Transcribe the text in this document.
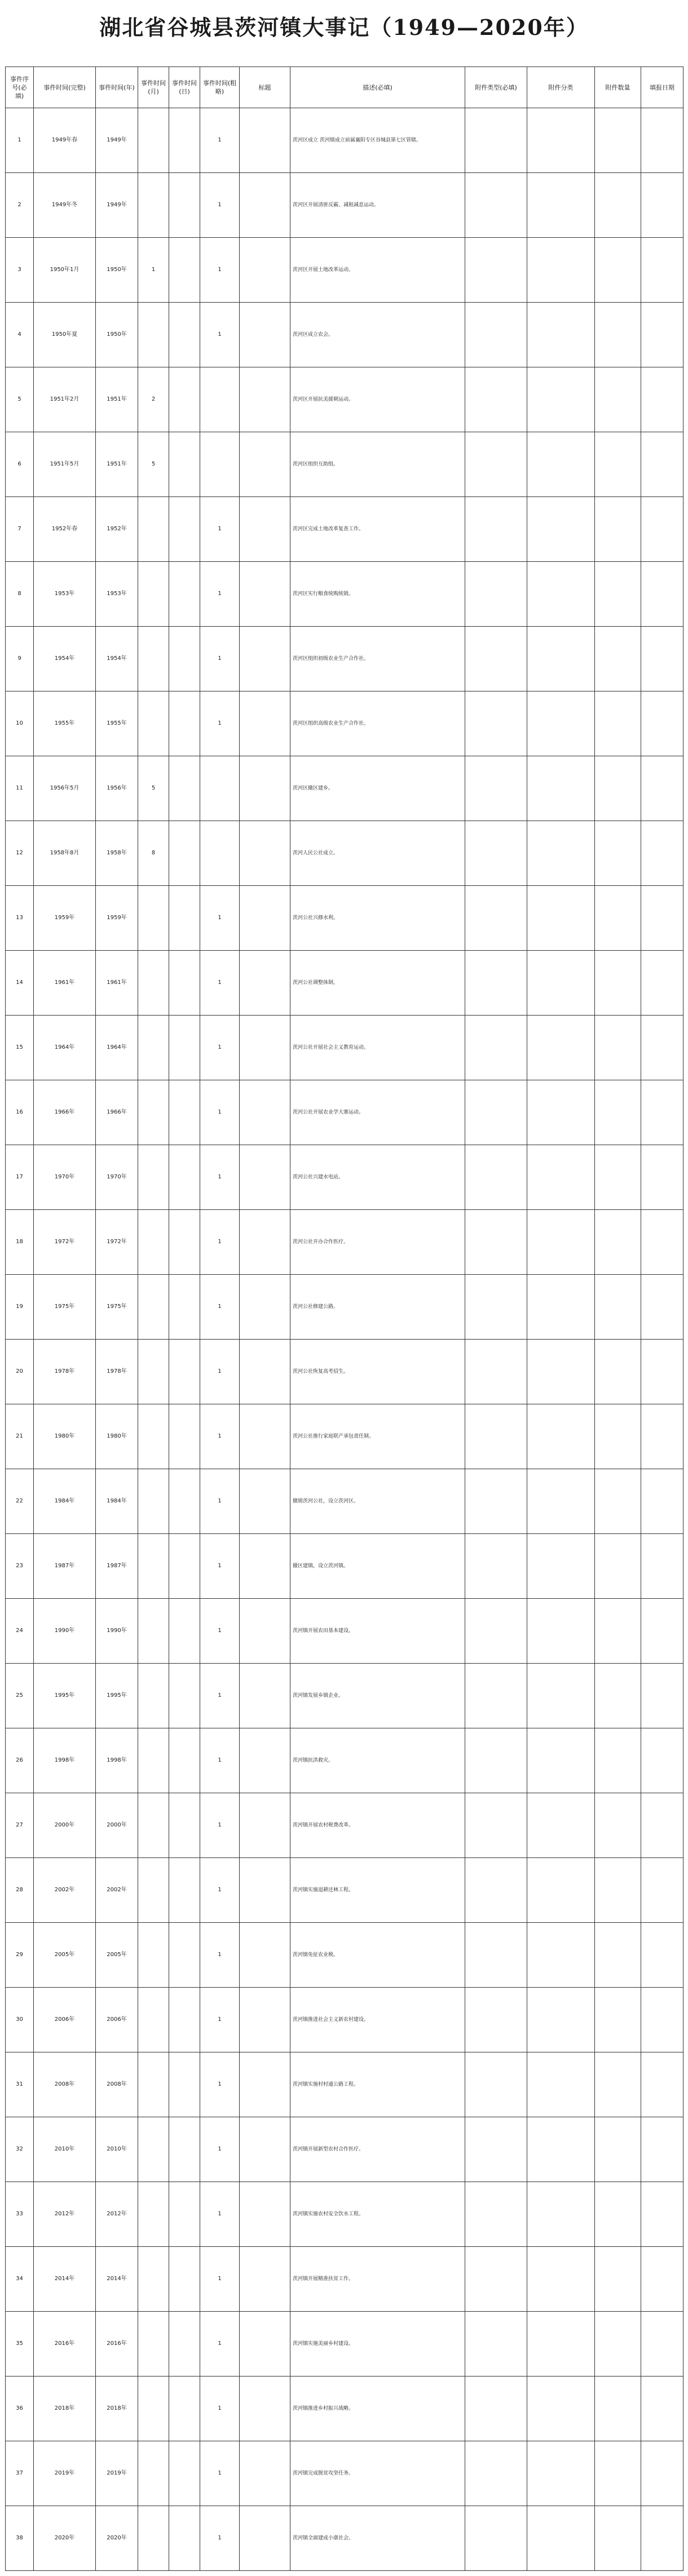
湖北省谷城县茨河镇大事记（1949—2020年）
事件序号(必填)	事件时间(完整)	事件时间(年)	事件时间(月)	事件时间(日)	事件时间(粗略)	标题	描述(必填)	附件类型(必填)	附件分类	附件数量	填报日期
1	1949年春	1949年			1		茨河区成立 茨河镇成立前属襄阳专区谷城县第七区管辖。				
2	1949年冬	1949年			1		茨河区开展清匪反霸、减租减息运动。				
3	1950年1月	1950年	1		1		茨河区开展土地改革运动。				
4	1950年夏	1950年			1		茨河区成立农会。				
5	1951年2月	1951年	2				茨河区开展抗美援朝运动。				
6	1951年5月	1951年	5				茨河区组织互助组。				
7	1952年春	1952年			1		茨河区完成土地改革复查工作。				
8	1953年	1953年			1		茨河区实行粮食统购统销。				
9	1954年	1954年			1		茨河区组织初级农业生产合作社。				
10	1955年	1955年			1		茨河区组织高级农业生产合作社。				
11	1956年5月	1956年	5				茨河区撤区建乡。				
12	1958年8月	1958年	8				茨河人民公社成立。				
13	1959年	1959年			1		茨河公社兴修水利。				
14	1961年	1961年			1		茨河公社调整体制。				
15	1964年	1964年			1		茨河公社开展社会主义教育运动。				
16	1966年	1966年			1		茨河公社开展农业学大寨运动。				
17	1970年	1970年			1		茨河公社兴建水电站。				
18	1972年	1972年			1		茨河公社开办合作医疗。				
19	1975年	1975年			1		茨河公社修建公路。				
20	1978年	1978年			1		茨河公社恢复高考招生。				
21	1980年	1980年			1		茨河公社推行家庭联产承包责任制。				
22	1984年	1984年			1		撤销茨河公社，设立茨河区。				
23	1987年	1987年			1		撤区建镇，设立茨河镇。				
24	1990年	1990年			1		茨河镇开展农田基本建设。				
25	1995年	1995年			1		茨河镇发展乡镇企业。				
26	1998年	1998年			1		茨河镇抗洪救灾。				
27	2000年	2000年			1		茨河镇开展农村税费改革。				
28	2002年	2002年			1		茨河镇实施退耕还林工程。				
29	2005年	2005年			1		茨河镇免征农业税。				
30	2006年	2006年			1		茨河镇推进社会主义新农村建设。				
31	2008年	2008年			1		茨河镇实施村村通公路工程。				
32	2010年	2010年			1		茨河镇开展新型农村合作医疗。				
33	2012年	2012年			1		茨河镇实施农村安全饮水工程。				
34	2014年	2014年			1		茨河镇开展精准扶贫工作。				
35	2016年	2016年			1		茨河镇实施美丽乡村建设。				
36	2018年	2018年			1		茨河镇推进乡村振兴战略。				
37	2019年	2019年			1		茨河镇完成脱贫攻坚任务。				
38	2020年	2020年			1		茨河镇全面建成小康社会。				
